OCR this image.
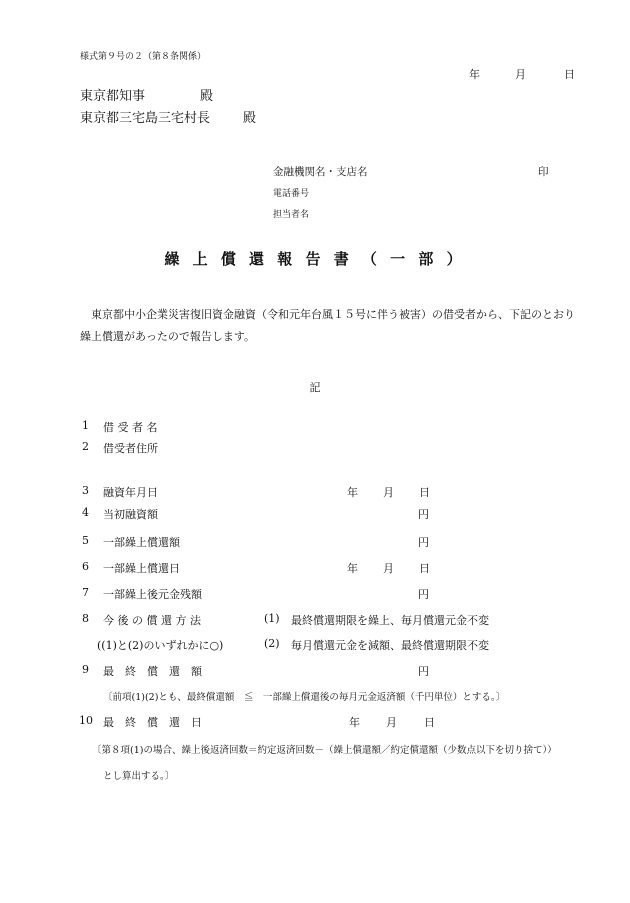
様式第９号の２（第８条関係）
年	月	日
東京都知事	殿
東京都三宅島三宅村長	殿
金融機関名・支店名	印
電話番号
担当者名
繰 上 償 還 報 告 書 （ 一 部 ）
東京都中小企業災害復旧資金融資（令和元年台風１５号に伴う被害）の借受者から、下記のとおり繰上償還があったので報告します。
記
1 借 受 者 名
2 借受者住所
3 融資年月日	年 月 日
4 当初融資額	円
5 一部繰上償還額	円
6 一部繰上償還日	年 月 日
7 一部繰上後元金残額	円
8 今 後 の 償 還 方 法	(1) 最終償還期限を繰上、毎月償還元金不変
((1)と(2)のいずれかに○)	(2) 毎月償還元金を減額、最終償還期限不変
9 最　終　償　還　額	円
〔前項(1)(2)とも、最終償還額　≦　一部繰上償還後の毎月元金返済額（千円単位）とする。〕
10 最　終　償　還　日	年 月 日
〔第８項(1)の場合、繰上後返済回数＝約定返済回数－（繰上償還額／約定償還額（少数点以下を切り捨て））
とし算出する。〕
